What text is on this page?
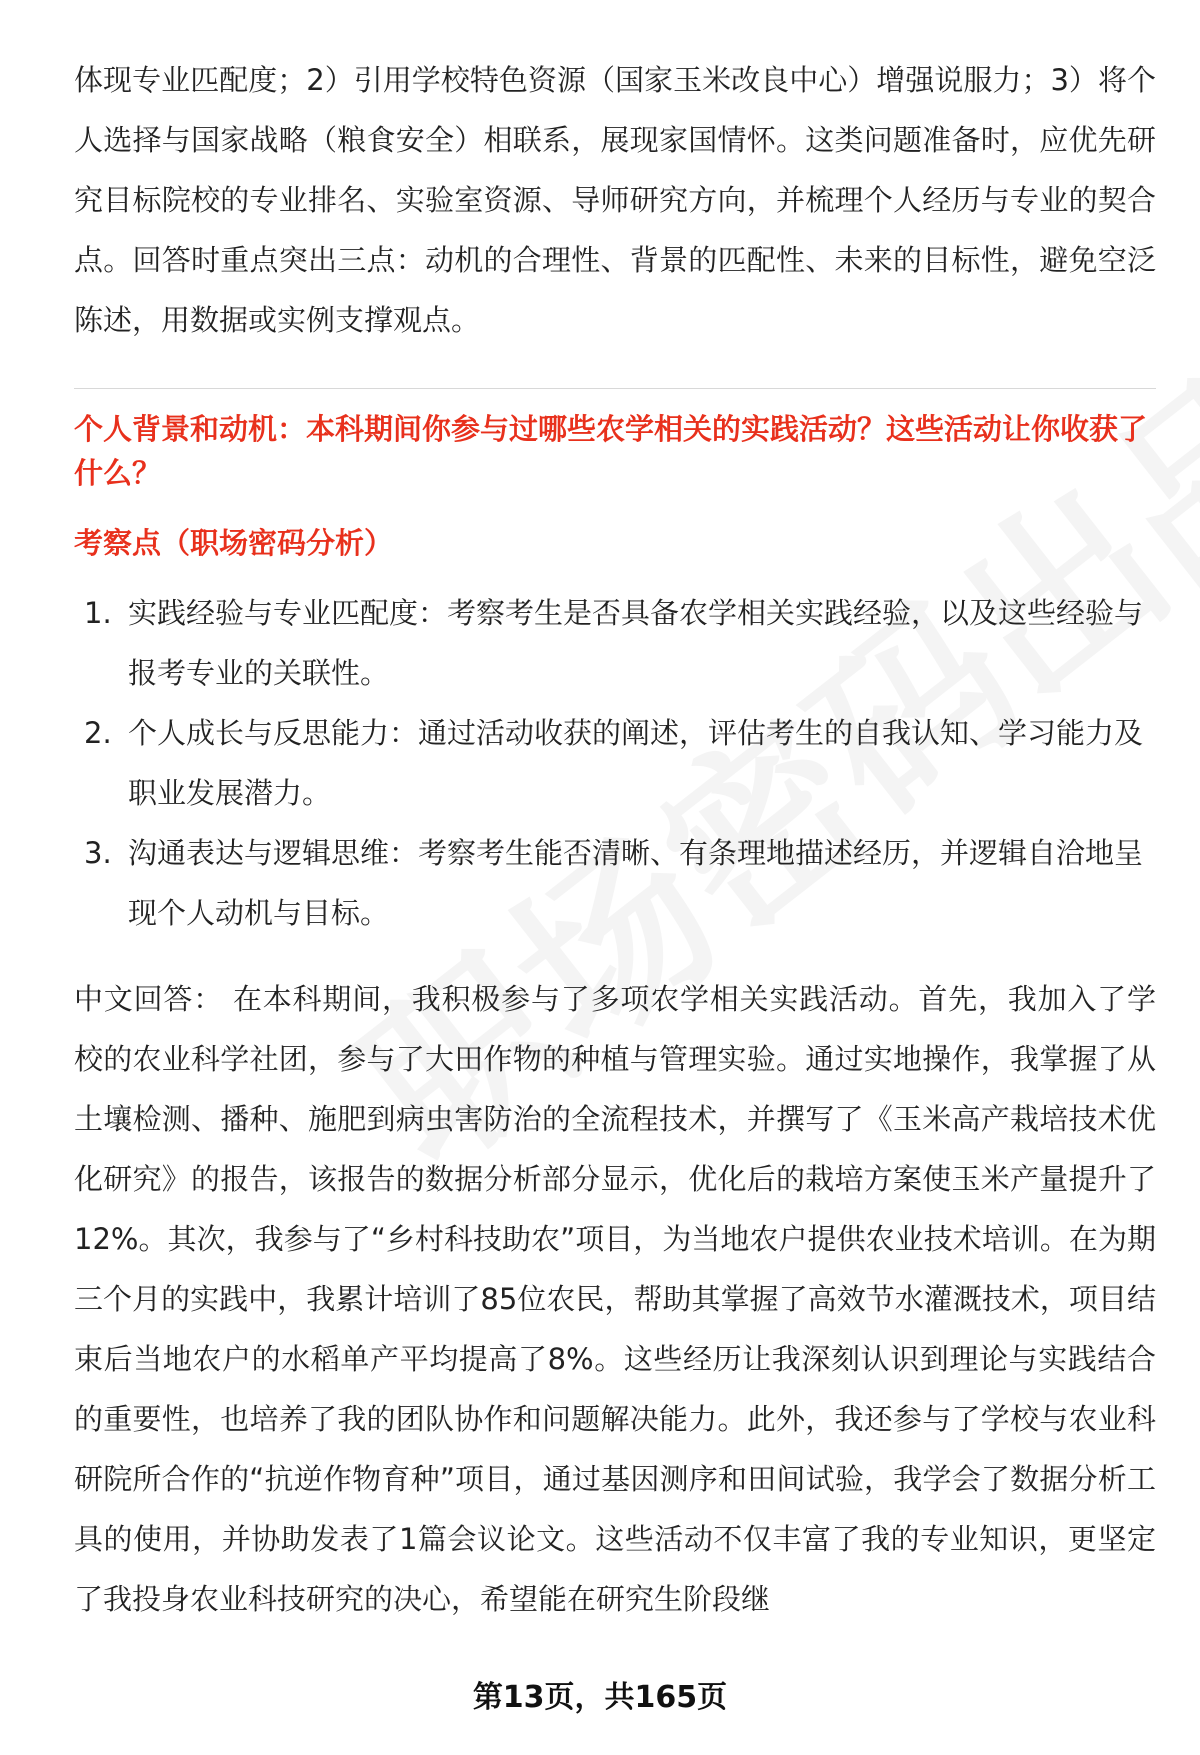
体现专业匹配度；2）引用学校特色资源（国家玉米改良中心）增强说服力；3）将个人选择与国家战略（粮食安全）相联系，展现家国情怀。这类问题准备时，应优先研究目标院校的专业排名、实验室资源、导师研究方向，并梳理个人经历与专业的契合点。回答时重点突出三点：动机的合理性、背景的匹配性、未来的目标性，避免空泛陈述，用数据或实例支撑观点。

个人背景和动机：本科期间你参与过哪些农学相关的实践活动？这些活动让你收获了什么？

考察点（职场密码分析）

1. 实践经验与专业匹配度：考察考生是否具备农学相关实践经验，以及这些经验与报考专业的关联性。
2. 个人成长与反思能力：通过活动收获的阐述，评估考生的自我认知、学习能力及职业发展潜力。
3. 沟通表达与逻辑思维：考察考生能否清晰、有条理地描述经历，并逻辑自洽地呈现个人动机与目标。

中文回答： 在本科期间，我积极参与了多项农学相关实践活动。首先，我加入了学校的农业科学社团，参与了大田作物的种植与管理实验。通过实地操作，我掌握了从土壤检测、播种、施肥到病虫害防治的全流程技术，并撰写了《玉米高产栽培技术优化研究》的报告，该报告的数据分析部分显示，优化后的栽培方案使玉米产量提升了12%。其次，我参与了“乡村科技助农”项目，为当地农户提供农业技术培训。在为期三个月的实践中，我累计培训了85位农民，帮助其掌握了高效节水灌溉技术，项目结束后当地农户的水稻单产平均提高了8%。这些经历让我深刻认识到理论与实践结合的重要性，也培养了我的团队协作和问题解决能力。此外，我还参与了学校与农业科研院所合作的“抗逆作物育种”项目，通过基因测序和田间试验，我学会了数据分析工具的使用，并协助发表了1篇会议论文。这些活动不仅丰富了我的专业知识，更坚定了我投身农业科技研究的决心，希望能在研究生阶段继

第13页，共165页
